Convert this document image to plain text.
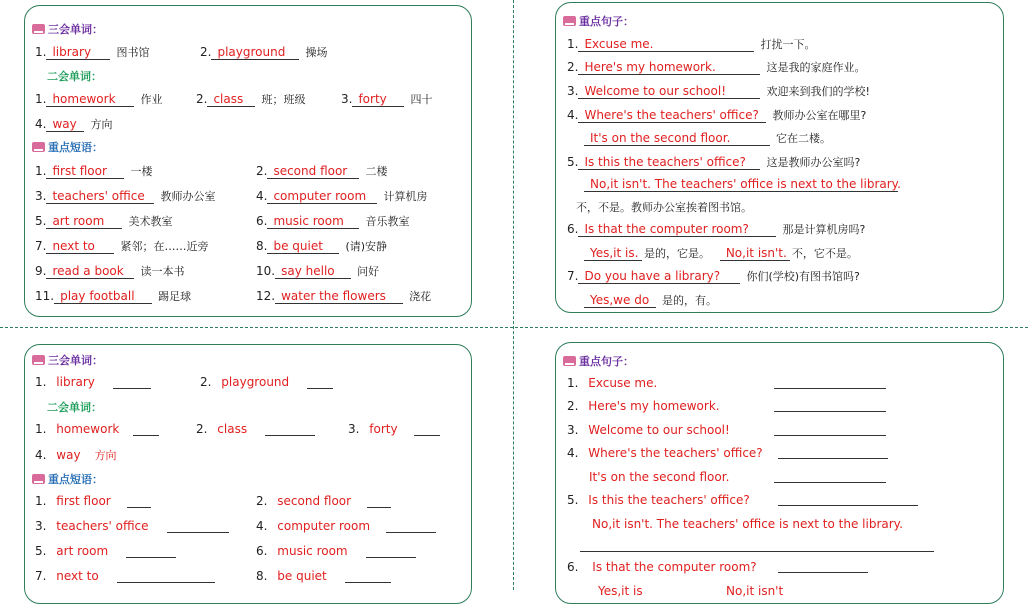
三会单词：
1. library 图书馆	2. playground 操场
二会单词：
1. homework 作业	2. class 班；班级	3. forty 四十
4. way 方向
重点短语：
1. first floor 一楼	2. second floor 二楼
3. teachers' office 教师办公室	4. computer room 计算机房
5. art room 美术教室	6. music room 音乐教室
7. next to 紧邻；在……近旁	8. be quiet (请)安静
9. read a book 读一本书	10. say hello 问好
11. play football 踢足球	12. water the flowers 浇花
重点句子：
1. Excuse me.	打扰一下。
2. Here's my homework.	这是我的家庭作业。
3. Welcome to our school!	欢迎来到我们的学校!
4. Where's the teachers' office? 教师办公室在哪里?
It's on the second floor.	它在二楼。
5. Is this the teachers' office? 这是教师办公室吗?
No,it isn't. The teachers' office is next to the library.
不，不是。教师办公室挨着图书馆。
6. Is that the computer room?	那是计算机房吗?
Yes,it is. 是的，它是。 No,it isn't. 不，它不是。
7. Do you have a library? 你们(学校)有图书馆吗?
Yes,we do 是的，有。
三会单词：
1. library	2. playground
二会单词：
1. homework	2. class	3. forty
4. way 方向
重点短语：
1. first floor	2. second floor
3. teachers' office	4. computer room
5. art room	6. music room
7. next to	8. be quiet
重点句子：
1. Excuse me.
2. Here's my homework.
3. Welcome to our school!
4. Where's the teachers' office?
It's on the second floor.
5. Is this the teachers' office?
No,it isn't. The teachers' office is next to the library.
6. Is that the computer room?
Yes,it is	No,it isn't
